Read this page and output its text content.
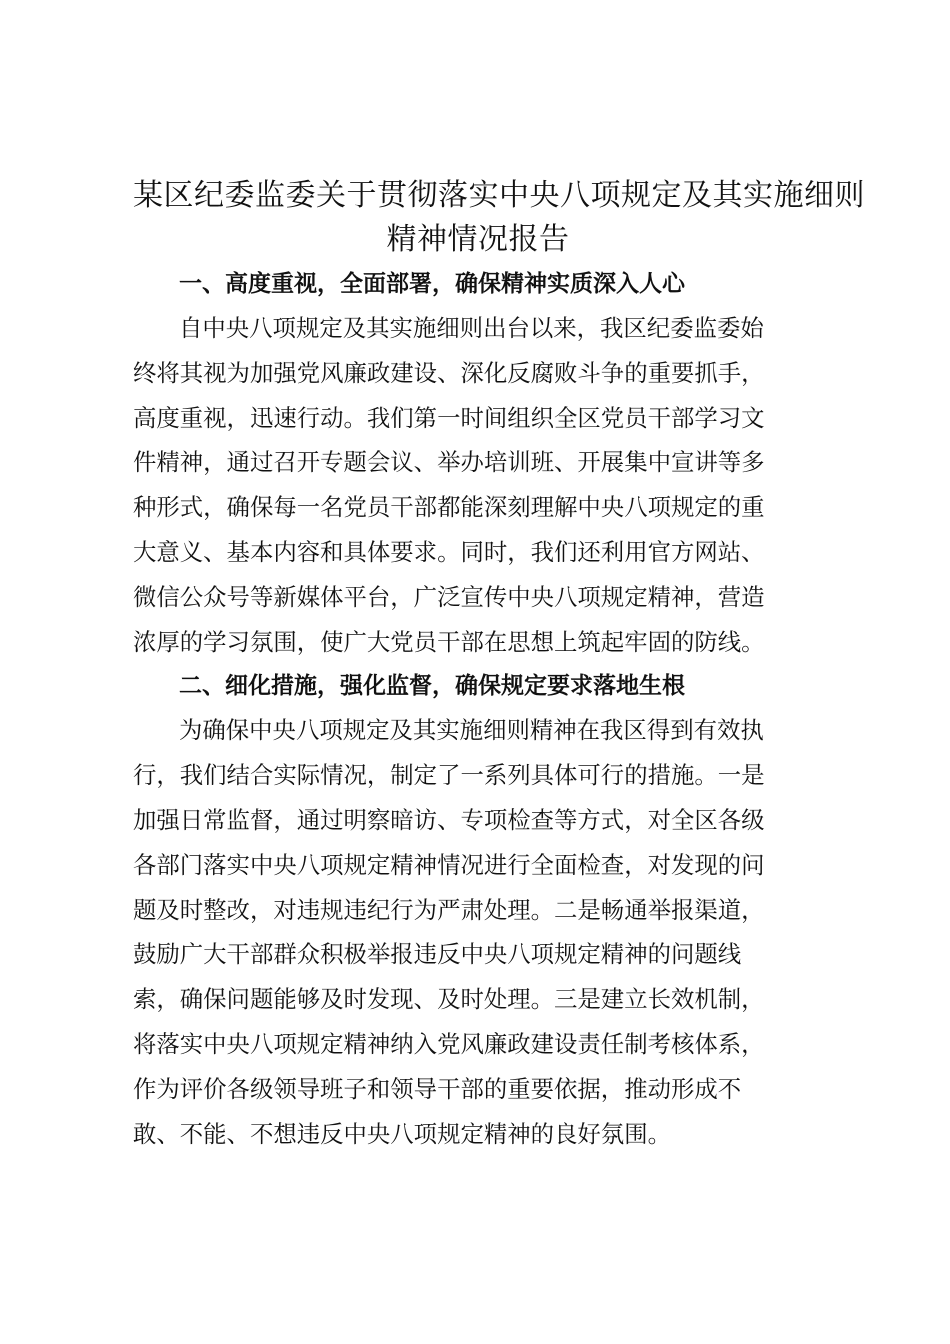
某区纪委监委关于贯彻落实中央八项规定及其实施细则
精神情况报告
一、高度重视，全面部署，确保精神实质深入人心

自中央八项规定及其实施细则出台以来，我区纪委监委始
终将其视为加强党风廉政建设、深化反腐败斗争的重要抓手，
高度重视，迅速行动。我们第一时间组织全区党员干部学习文
件精神，通过召开专题会议、举办培训班、开展集中宣讲等多
种形式，确保每一名党员干部都能深刻理解中央八项规定的重
大意义、基本内容和具体要求。同时，我们还利用官方网站、
微信公众号等新媒体平台，广泛宣传中央八项规定精神，营造
浓厚的学习氛围，使广大党员干部在思想上筑起牢固的防线。

二、细化措施，强化监督，确保规定要求落地生根

为确保中央八项规定及其实施细则精神在我区得到有效执
行，我们结合实际情况，制定了一系列具体可行的措施。一是
加强日常监督，通过明察暗访、专项检查等方式，对全区各级
各部门落实中央八项规定精神情况进行全面检查，对发现的问
题及时整改，对违规违纪行为严肃处理。二是畅通举报渠道，
鼓励广大干部群众积极举报违反中央八项规定精神的问题线
索，确保问题能够及时发现、及时处理。三是建立长效机制，
将落实中央八项规定精神纳入党风廉政建设责任制考核体系，
作为评价各级领导班子和领导干部的重要依据，推动形成不
敢、不能、不想违反中央八项规定精神的良好氛围。
